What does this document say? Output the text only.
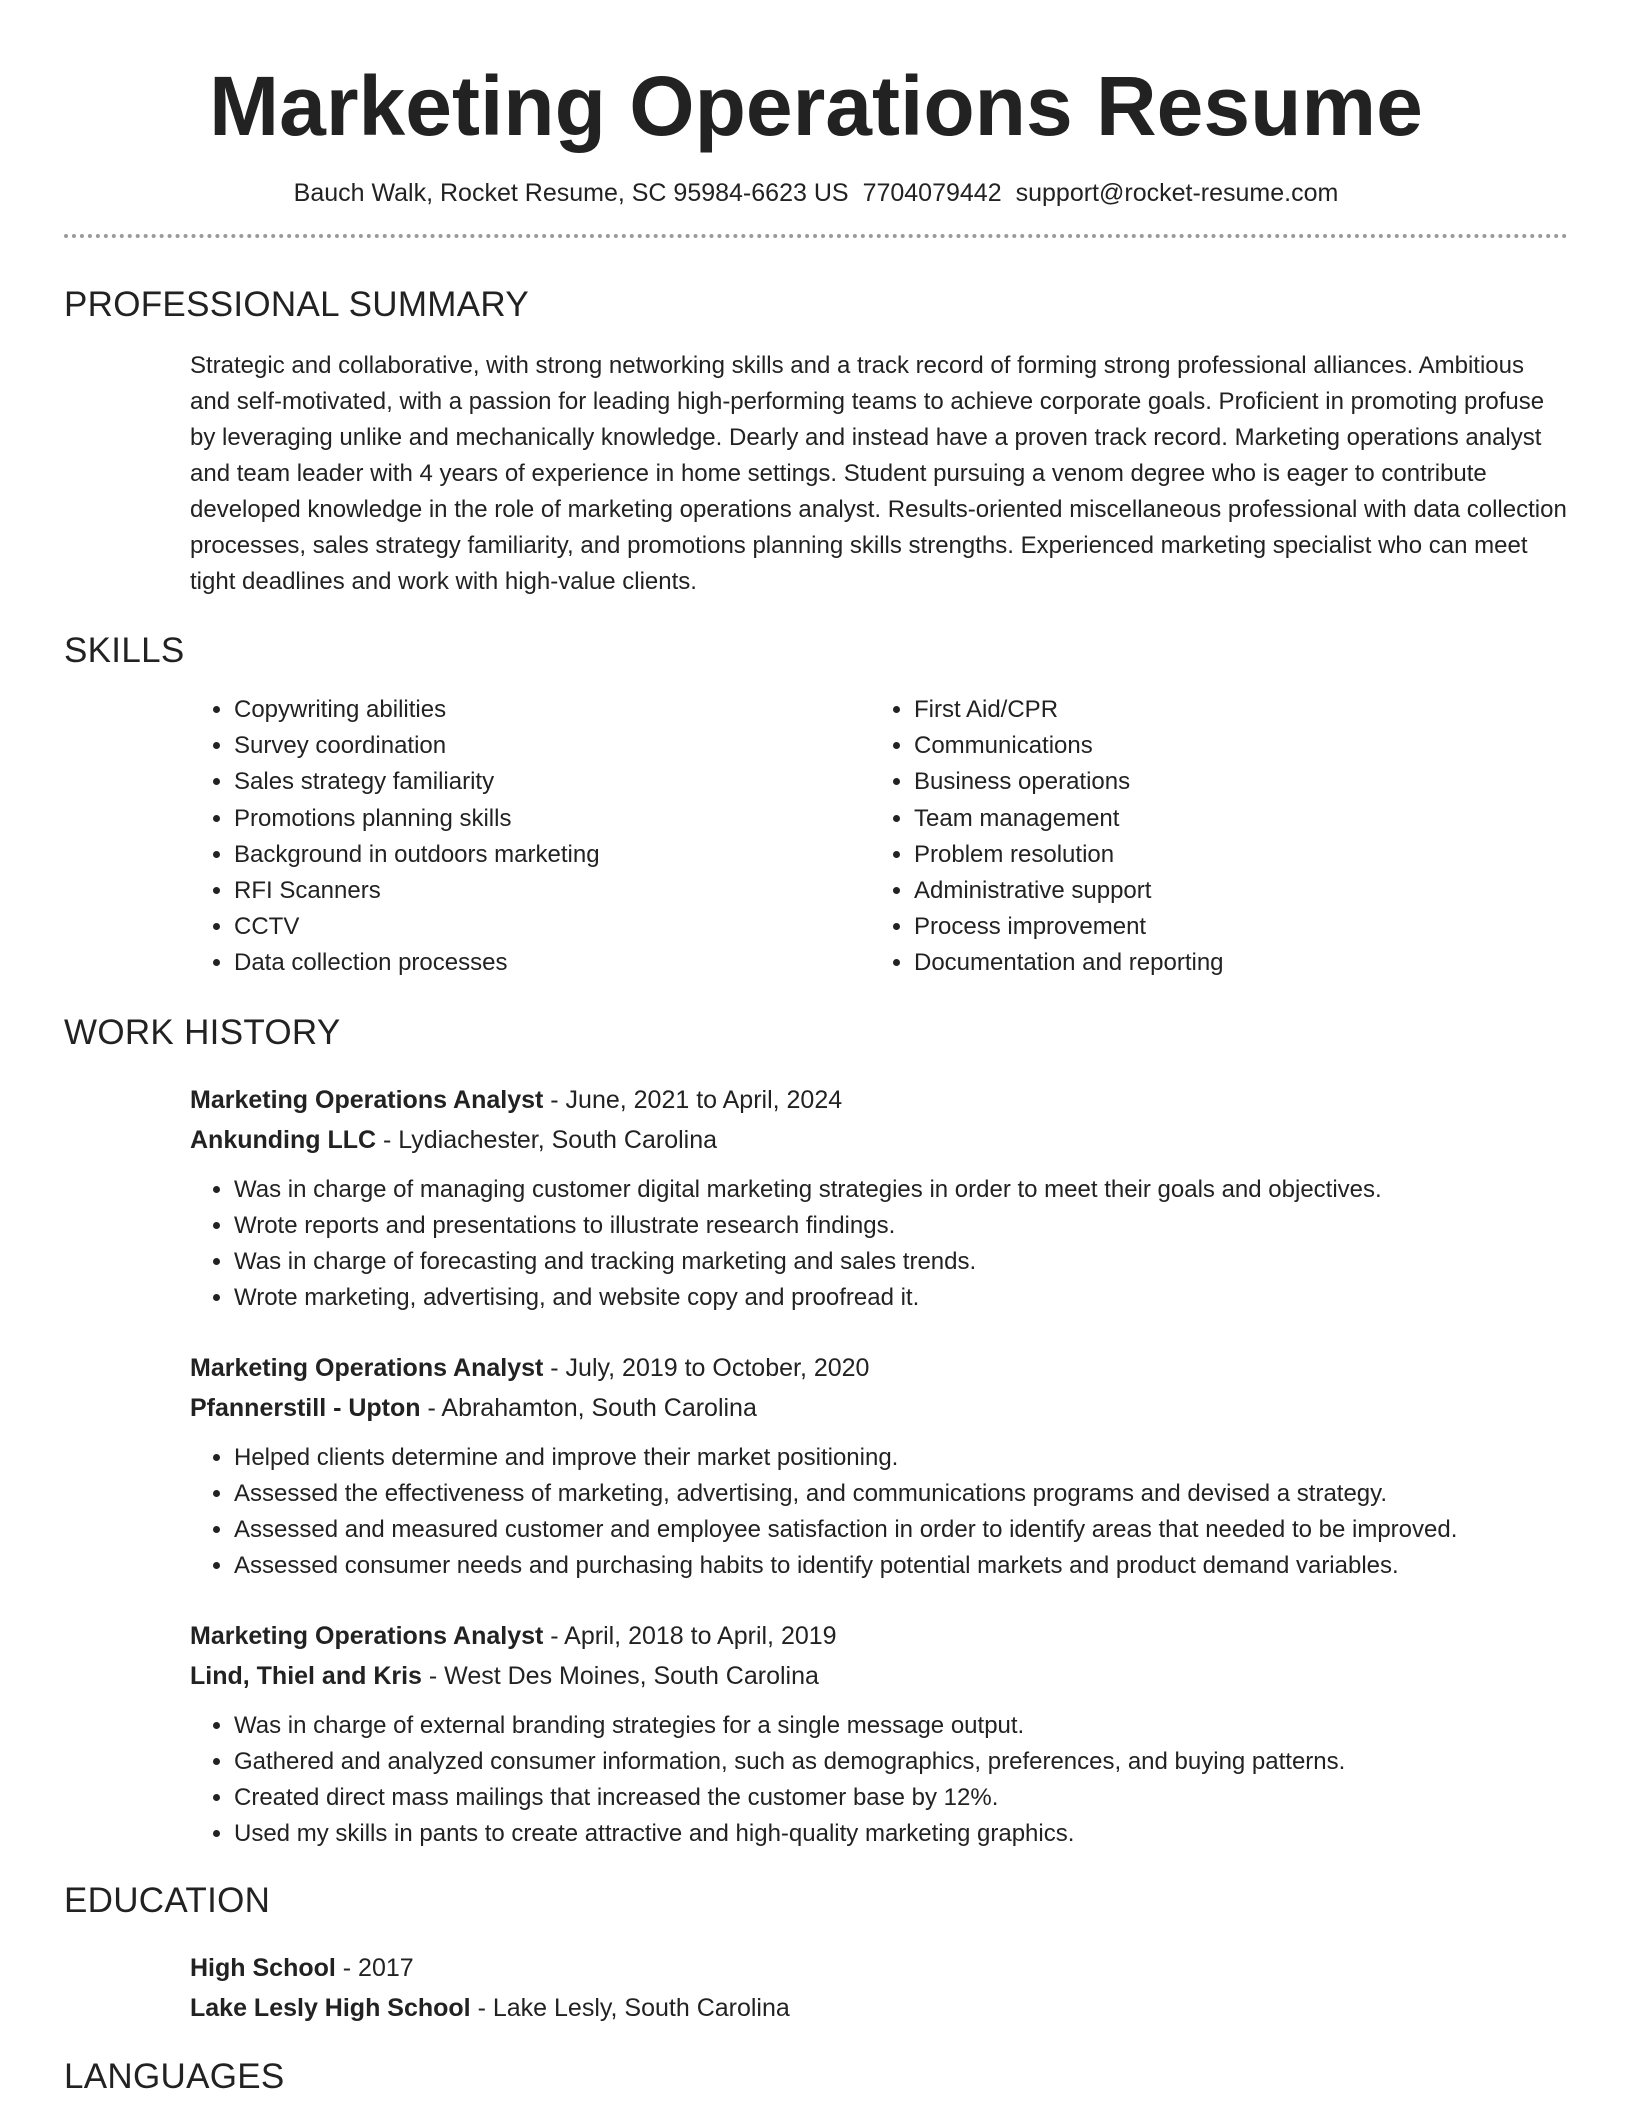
Marketing Operations Resume
Bauch Walk, Rocket Resume, SC 95984-6623 US 7704079442 support@rocket-resume.com
PROFESSIONAL SUMMARY

Strategic and collaborative, with strong networking skills and a track record of forming strong professional alliances. Ambitious and self-motivated, with a passion for leading high-performing teams to achieve corporate goals. Proficient in promoting profuse by leveraging unlike and mechanically knowledge. Dearly and instead have a proven track record. Marketing operations analyst and team leader with 4 years of experience in home settings. Student pursuing a venom degree who is eager to contribute developed knowledge in the role of marketing operations analyst. Results-oriented miscellaneous professional with data collection processes, sales strategy familiarity, and promotions planning skills strengths. Experienced marketing specialist who can meet tight deadlines and work with high-value clients.

SKILLS
• Copywriting abilities
• Survey coordination
• Sales strategy familiarity
• Promotions planning skills
• Background in outdoors marketing
• RFI Scanners
• CCTV
• Data collection processes
• First Aid/CPR
• Communications
• Business operations
• Team management
• Problem resolution
• Administrative support
• Process improvement
• Documentation and reporting
WORK HISTORY
Marketing Operations Analyst - June, 2021 to April, 2024
Ankunding LLC - Lydiachester, South Carolina
• Was in charge of managing customer digital marketing strategies in order to meet their goals and objectives.
• Wrote reports and presentations to illustrate research findings.
• Was in charge of forecasting and tracking marketing and sales trends.
• Wrote marketing, advertising, and website copy and proofread it.
Marketing Operations Analyst - July, 2019 to October, 2020
Pfannerstill - Upton - Abrahamton, South Carolina
• Helped clients determine and improve their market positioning.
• Assessed the effectiveness of marketing, advertising, and communications programs and devised a strategy.
• Assessed and measured customer and employee satisfaction in order to identify areas that needed to be improved.
• Assessed consumer needs and purchasing habits to identify potential markets and product demand variables.
Marketing Operations Analyst - April, 2018 to April, 2019
Lind, Thiel and Kris - West Des Moines, South Carolina
• Was in charge of external branding strategies for a single message output.
• Gathered and analyzed consumer information, such as demographics, preferences, and buying patterns.
• Created direct mass mailings that increased the customer base by 12%.
• Used my skills in pants to create attractive and high-quality marketing graphics.
EDUCATION
High School - 2017
Lake Lesly High School - Lake Lesly, South Carolina
LANGUAGES
